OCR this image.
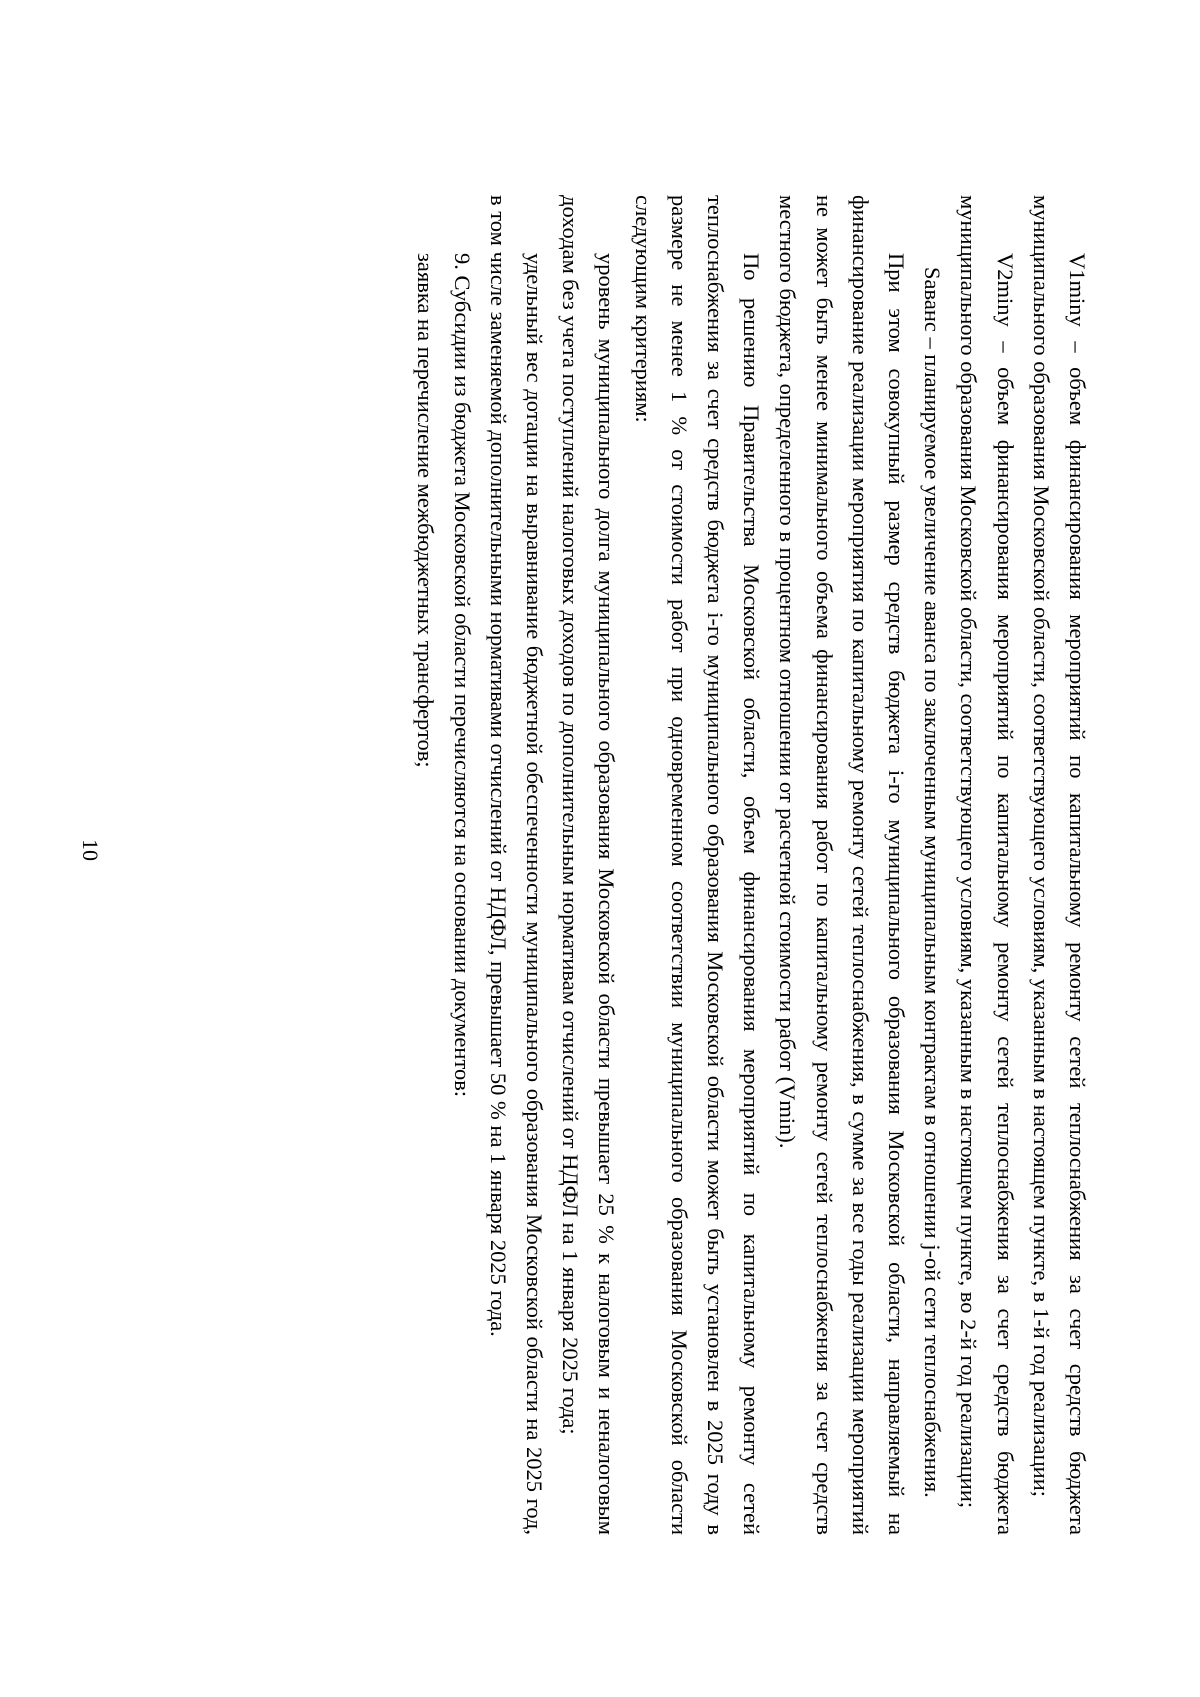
10	V1miny – объем финансирования мероприятий по капитальному ремонту сетей теплоснабжения за счет средств бюджета муниципального образования Московской области, соответствующего условиям, указанным в настоящем пункте, в 1-й год реализации;

V2miny – объем финансирования мероприятий по капитальному ремонту сетей теплоснабжения за счет средств бюджета муниципального образования Московской области, соответствующего условиям, указанным в настоящем пункте, во 2-й год реализации;

Sаванс – планируемое увеличение аванса по заключенным муниципальным контрактам в отношении j-ой сети теплоснабжения.

При этом совокупный размер средств бюджета i-го муниципального образования Московской области, направляемый на финансирование реализации мероприятия по капитальному ремонту сетей теплоснабжения, в сумме за все годы реализации мероприятий не может быть менее минимального объема финансирования работ по капитальному ремонту сетей теплоснабжения за счет средств местного бюджета, определенного в процентном отношении от расчетной стоимости работ (Vmin).

По решению Правительства Московской области, объем финансирования мероприятий по капитальному ремонту сетей теплоснабжения за счет средств бюджета i-го муниципального образования Московской области может быть установлен в 2025 году в размере не менее 1 % от стоимости работ при одновременном соответствии муниципального образования Московской области следующим критериям:

уровень муниципального долга муниципального образования Московской области превышает 25 % к налоговым и неналоговым доходам без учета поступлений налоговых доходов по дополнительным нормативам отчислений от НДФЛ на 1 января 2025 года;

удельный вес дотации на выравнивание бюджетной обеспеченности муниципального образования Московской области на 2025 год, в том числе заменяемой дополнительными нормативами отчислений от НДФЛ, превышает 50 % на 1 января 2025 года.

9. Субсидии из бюджета Московской области перечисляются на основании документов:

заявка на перечисление межбюджетных трансфертов;
